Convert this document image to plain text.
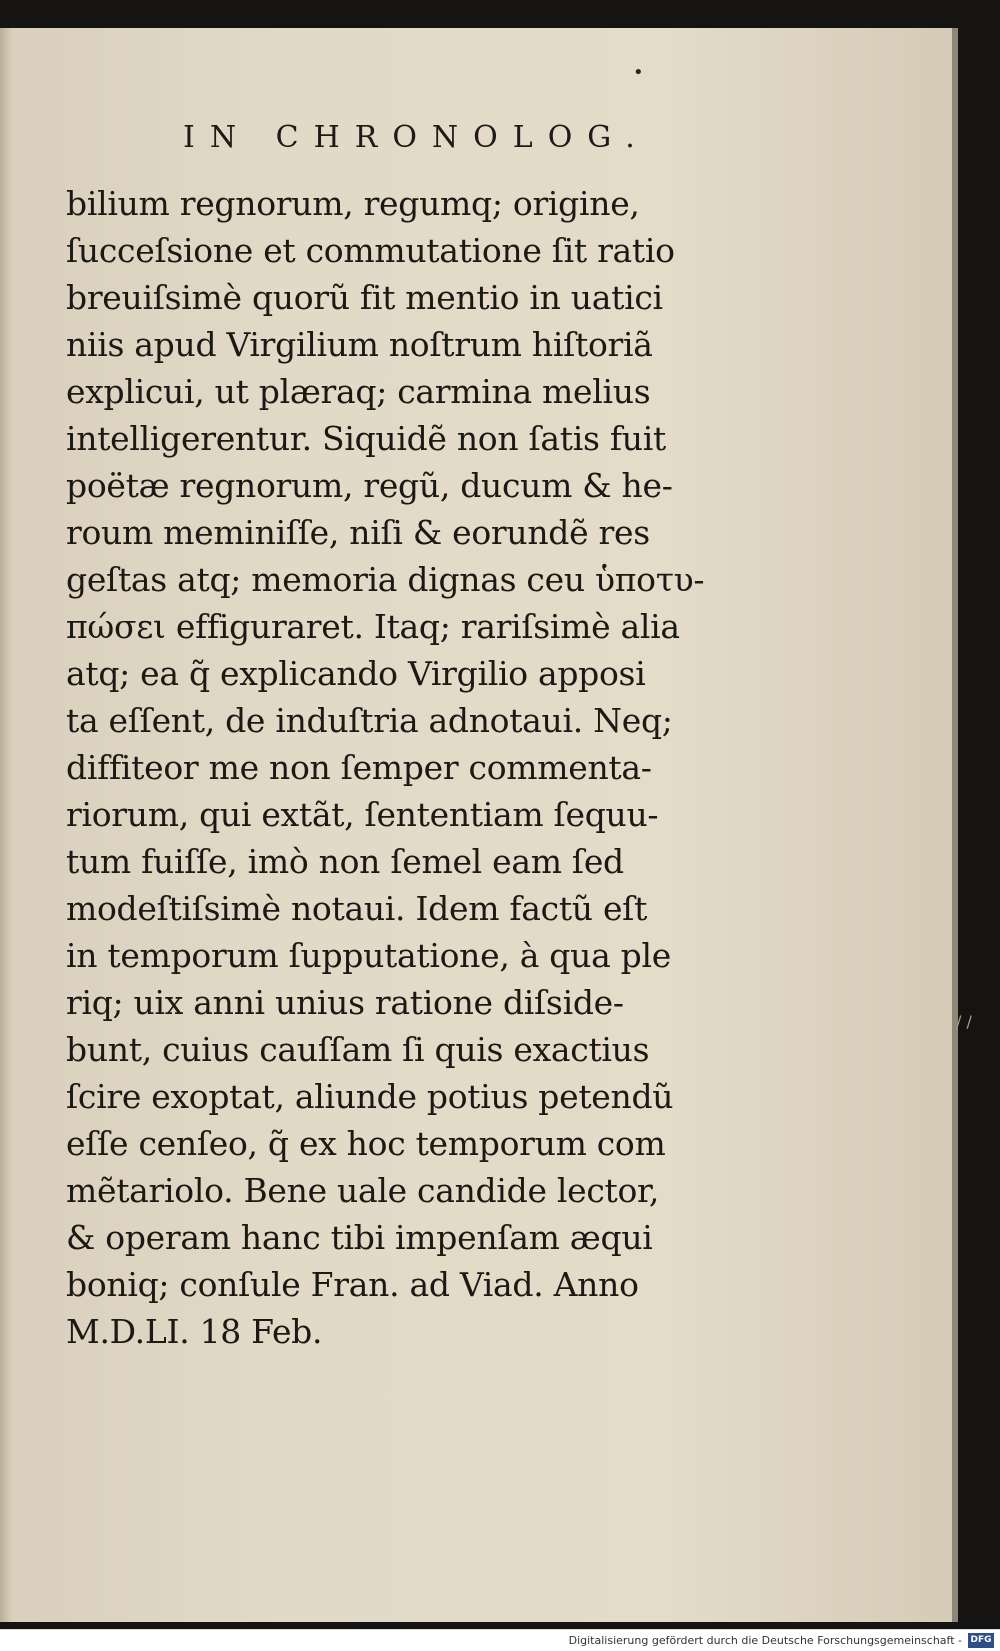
•
IN CHRONOLOG.
bilium regnorum, regumq; origine,
ſucceſsione et commutatione ſit ratio
breuiſsimè quorũ fit mentio in uatici
niis apud Virgilium noſtrum hiſtoriã
explicui, ut plæraq; carmina melius
intelligerentur. Siquidẽ non ſatis fuit
poëtæ regnorum, regũ, ducum & he-
roum meminiſſe, niſi & eorundẽ res
geſtas atq; memoria dignas ceu ὑποτυ-
πώσει effiguraret. Itaq; rariſsimè alia
atq; ea q̃ explicando Virgilio apposi
ta eſſent, de induſtria adnotaui. Neq;
diffiteor me non ſemper commenta-
riorum, qui extãt, ſententiam ſequu-
tum fuiſſe, imò non ſemel eam ſed
modeſtiſsimè notaui. Idem factũ eſt
in temporum ſupputatione, à qua ple
riq; uix anni unius ratione diſside-
bunt, cuius cauſſam ſi quis exactius
ſcire exoptat, aliunde potius petendũ
eſſe cenſeo, q̃ ex hoc temporum com
mẽtariolo. Bene uale candide lector,
& operam hanc tibi impenſam æqui
boniq; conſule Fran. ad Viad. Anno
M.D.LI. 18 Feb.
/ /
Digitalisierung gefördert durch die Deutsche Forschungsgemeinschaft - DFG
